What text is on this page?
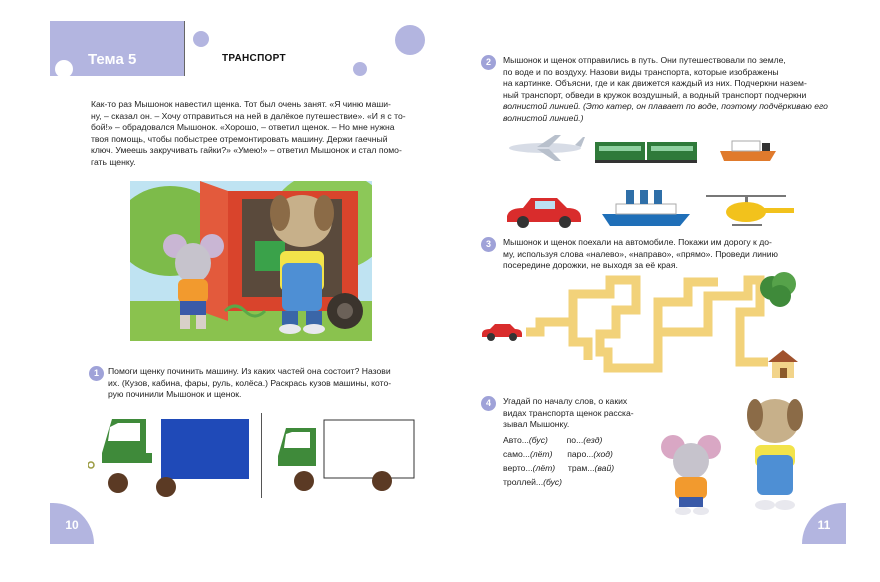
Тема 5	ТРАНСПОРТ
Как-то раз Мышонок навестил щенка. Тот был очень занят. «Я чиню маши-
ну, – сказал он. – Хочу отправиться на ней в далёкое путешествие». «И я с то-
бой!» – обрадовался Мышонок. «Хорошо, – ответил щенок. – Но мне нужна
твоя помощь, чтобы побыстрее отремонтировать машину. Держи гаечный
ключ. Умеешь закручивать гайки?» «Умею!» – ответил Мышонок и стал помо-
гать щенку.
1	Помоги щенку починить машину. Из каких частей она состоит? Назови
их. (Кузов, кабина, фары, руль, колёса.) Раскрась кузов машины, кото-
рую починили Мышонок и щенок.
10
2	Мышонок и щенок отправились в путь. Они путешествовали по земле,
по воде и по воздуху. Назови виды транспорта, которые изображены
на картинке. Объясни, где и как движется каждый из них. Подчеркни назем-
ный транспорт, обведи в кружок воздушный, а водный транспорт подчеркни
волнистой линией. (Это катер, он плавает по воде, поэтому подчёркиваю его
волнистой линией.)
3	Мышонок и щенок поехали на автомобиле. Покажи им дорогу к до-
му, используя слова «налево», «направо», «прямо». Проведи линию
посередине дорожки, не выходя за её края.
4	Угадай по началу слов, о каких
видах транспорта щенок расска-
зывал Мышонку.
Авто...(бус) по...(езд)
само...(лёт) паро...(ход)
верто...(лёт) трам...(вай)
троллей...(бус)
11
